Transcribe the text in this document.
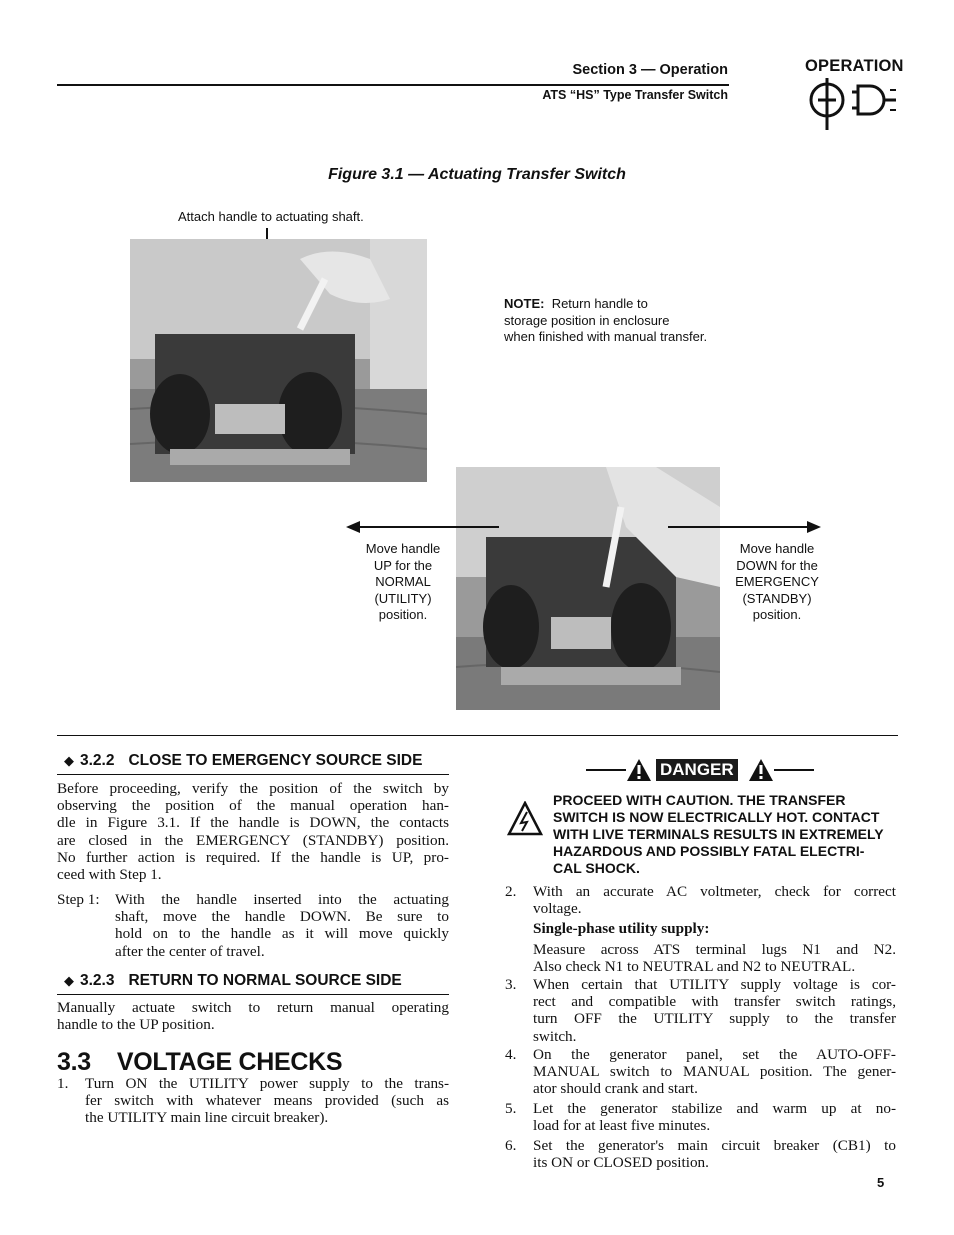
Section 3 — Operation
ATS “HS” Type Transfer Switch
OPERATION
Figure 3.1 — Actuating Transfer Switch
Attach handle to actuating shaft.
NOTE: Return handle to
storage position in enclosure
when finished with manual transfer.
Move handle
UP for the
NORMAL
(UTILITY)
position.
Move handle
DOWN for the
EMERGENCY
(STANDBY)
position.
◆ 3.2.2 CLOSE TO EMERGENCY SOURCE SIDE
Before proceeding, verify the position of the switch by
observing the position of the manual operation han-
dle in Figure 3.1. If the handle is DOWN, the contacts
are closed in the EMERGENCY (STANDBY) position.
No further action is required. If the handle is UP, pro-
ceed with Step 1.
Step 1: With the handle inserted into the actuating
shaft, move the handle DOWN. Be sure to
hold on to the handle as it will move quickly
after the center of travel.
◆ 3.2.3 RETURN TO NORMAL SOURCE SIDE
Manually actuate switch to return manual operating
handle to the UP position.
3.3 VOLTAGE CHECKS
1. Turn ON the UTILITY power supply to the trans-
fer switch with whatever means provided (such as
the UTILITY main line circuit breaker).
DANGER
PROCEED WITH CAUTION. THE TRANSFER
SWITCH IS NOW ELECTRICALLY HOT. CONTACT
WITH LIVE TERMINALS RESULTS IN EXTREMELY
HAZARDOUS AND POSSIBLY FATAL ELECTRI-
CAL SHOCK.
2. With an accurate AC voltmeter, check for correct
voltage.
Single-phase utility supply:
Measure across ATS terminal lugs N1 and N2.
Also check N1 to NEUTRAL and N2 to NEUTRAL.
3. When certain that UTILITY supply voltage is cor-
rect and compatible with transfer switch ratings,
turn OFF the UTILITY supply to the transfer
switch.
4. On the generator panel, set the AUTO-OFF-
MANUAL switch to MANUAL position. The gener-
ator should crank and start.
5. Let the generator stabilize and warm up at no-
load for at least five minutes.
6. Set the generator's main circuit breaker (CB1) to
its ON or CLOSED position.
5
